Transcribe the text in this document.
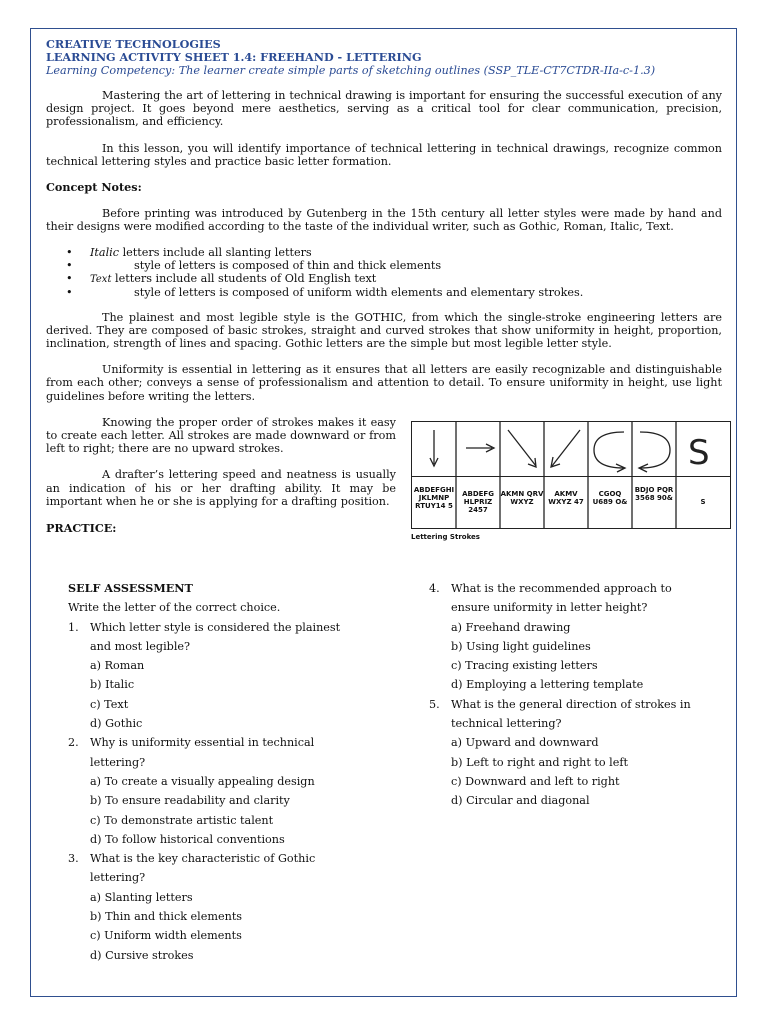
CREATIVE TECHNOLOGIES
LEARNING ACTIVITY SHEET 1.4: FREEHAND - LETTERING
Learning Competency: The learner create simple parts of sketching outlines (SSP_TLE-CT7CTDR-IIa-c-1.3)

Mastering the art of lettering in technical drawing is important for ensuring the successful execution of any design project. It goes beyond mere aesthetics, serving as a critical tool for clear communication, precision, professionalism, and efficiency.

In this lesson, you will identify importance of technical lettering in technical drawings, recognize common technical lettering styles and practice basic letter formation.

Concept Notes:

Before printing was introduced by Gutenberg in the 15th century all letter styles were made by hand and their designs were modified according to the taste of the individual writer, such as Gothic, Roman, Italic, Text.

• Italic letters include all slanting letters
• style of letters is composed of thin and thick elements
• Text letters include all students of Old English text
• style of letters is composed of uniform width elements and elementary strokes.

The plainest and most legible style is the GOTHIC, from which the single-stroke engineering letters are derived. They are composed of basic strokes, straight and curved strokes that show uniformity in height, proportion, inclination, strength of lines and spacing. Gothic letters are the simple but most legible letter style.

Uniformity is essential in lettering as it ensures that all letters are easily recognizable and distinguishable from each other; conveys a sense of professionalism and attention to detail. To ensure uniformity in height, use light guidelines before writing the letters.

Knowing the proper order of strokes makes it easy to create each letter. All strokes are made downward or from left to right; there are no upward strokes.

A drafter’s lettering speed and neatness is usually an indication of his or her drafting ability. It may be important when he or she is applying for a drafting position.

PRACTICE:
S
ABDEFGHI JKLMNP RTUY14 5
ABDEFG HLPRIZ 2457
AKMN QRV WXYZ
AKMV WXYZ 47
CGOQ U689 O&
BDJO PQR 3568 90&	S
Lettering Strokes
SELF ASSESSMENT
Write the letter of the correct choice.
1. Which letter style is considered the plainest
and most legible?
a) Roman
b) Italic
c) Text
d) Gothic
2. Why is uniformity essential in technical
lettering?
a) To create a visually appealing design
b) To ensure readability and clarity
c) To demonstrate artistic talent
d) To follow historical conventions
3. What is the key characteristic of Gothic
lettering?
a) Slanting letters
b) Thin and thick elements
c) Uniform width elements
d) Cursive strokes
4. What is the recommended approach to
ensure uniformity in letter height?
a) Freehand drawing
b) Using light guidelines
c) Tracing existing letters
d) Employing a lettering template
5. What is the general direction of strokes in
technical lettering?
a) Upward and downward
b) Left to right and right to left
c) Downward and left to right
d) Circular and diagonal
